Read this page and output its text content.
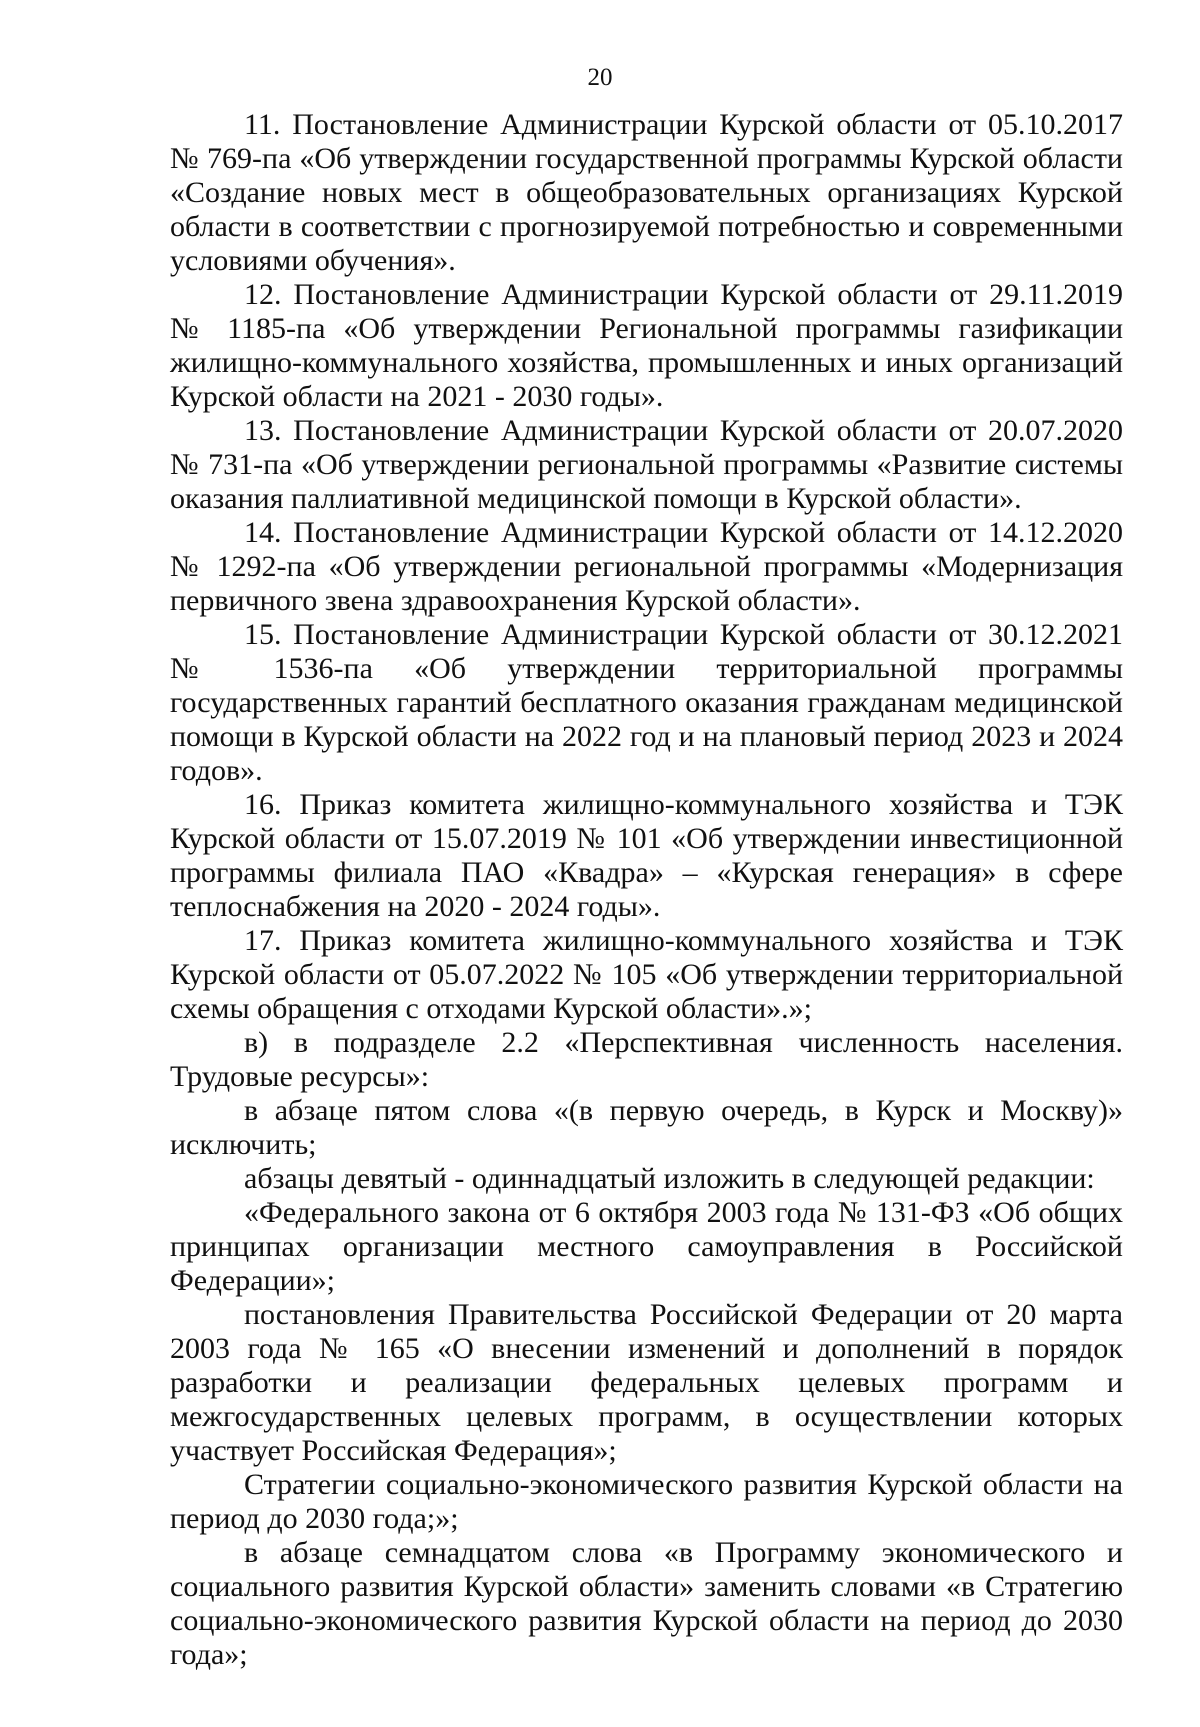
20

11. Постановление Администрации Курской области от 05.10.2017 № 769-па «Об утверждении государственной программы Курской области «Создание новых мест в общеобразовательных организациях Курской области в соответствии с прогнозируемой потребностью и современными условиями обучения».

12. Постановление Администрации Курской области от 29.11.2019 № 1185-па «Об утверждении Региональной программы газификации жилищно-коммунального хозяйства, промышленных и иных организаций Курской области на 2021 - 2030 годы».

13. Постановление Администрации Курской области от 20.07.2020 № 731-па «Об утверждении региональной программы «Развитие системы оказания паллиативной медицинской помощи в Курской области».

14. Постановление Администрации Курской области от 14.12.2020 № 1292-па «Об утверждении региональной программы «Модернизация первичного звена здравоохранения Курской области».

15. Постановление Администрации Курской области от 30.12.2021 № 1536-па «Об утверждении территориальной программы государственных гарантий бесплатного оказания гражданам медицинской помощи в Курской области на 2022 год и на плановый период 2023 и 2024 годов».

16. Приказ комитета жилищно-коммунального хозяйства и ТЭК Курской области от 15.07.2019 № 101 «Об утверждении инвестиционной программы филиала ПАО «Квадра» – «Курская генерация» в сфере теплоснабжения на 2020 - 2024 годы».

17. Приказ комитета жилищно-коммунального хозяйства и ТЭК Курской области от 05.07.2022 № 105 «Об утверждении территориальной схемы обращения с отходами Курской области».»;

в) в подразделе 2.2 «Перспективная численность населения. Трудовые ресурсы»:

в абзаце пятом слова «(в первую очередь, в Курск и Москву)» исключить;

абзацы девятый - одиннадцатый изложить в следующей редакции:

«Федерального закона от 6 октября 2003 года № 131-ФЗ «Об общих принципах организации местного самоуправления в Российской Федерации»;

постановления Правительства Российской Федерации от 20 марта 2003 года № 165 «О внесении изменений и дополнений в порядок разработки и реализации федеральных целевых программ и межгосударственных целевых программ, в осуществлении которых участвует Российская Федерация»;

Стратегии социально-экономического развития Курской области на период до 2030 года;»;

в абзаце семнадцатом слова «в Программу экономического и социального развития Курской области» заменить словами «в Стратегию социально-экономического развития Курской области на период до 2030 года»;
